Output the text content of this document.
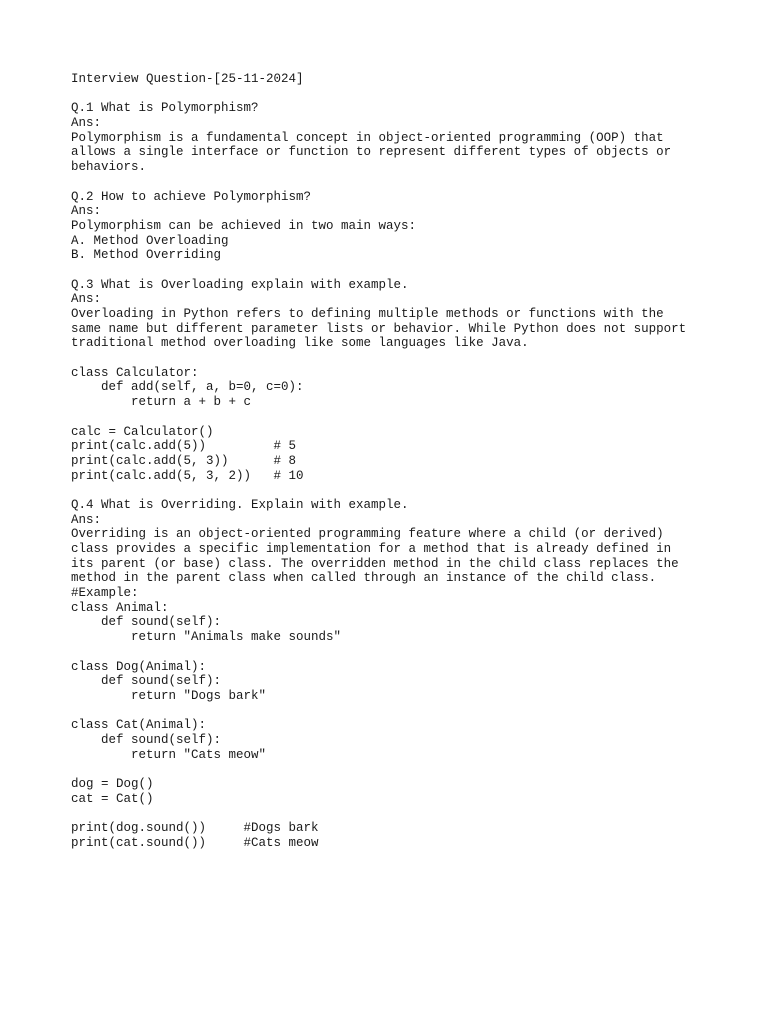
Interview Question-[25-11-2024]
Q.1 What is Polymorphism?
Ans:
Polymorphism is a fundamental concept in object-oriented programming (OOP) that
allows a single interface or function to represent different types of objects or
behaviors.
Q.2 How to achieve Polymorphism?
Ans:
Polymorphism can be achieved in two main ways:
A. Method Overloading
B. Method Overriding
Q.3 What is Overloading explain with example.
Ans:
Overloading in Python refers to defining multiple methods or functions with the
same name but different parameter lists or behavior. While Python does not support
traditional method overloading like some languages like Java.
class Calculator:
def add(self, a, b=0, c=0):
return a + b + c
calc = Calculator()
print(calc.add(5))         # 5
print(calc.add(5, 3))      # 8
print(calc.add(5, 3, 2))   # 10
Q.4 What is Overriding. Explain with example.
Ans:
Overriding is an object-oriented programming feature where a child (or derived)
class provides a specific implementation for a method that is already defined in
its parent (or base) class. The overridden method in the child class replaces the
method in the parent class when called through an instance of the child class.
#Example:
class Animal:
def sound(self):
return "Animals make sounds"
class Dog(Animal):
def sound(self):
return "Dogs bark"
class Cat(Animal):
def sound(self):
return "Cats meow"
dog = Dog()
cat = Cat()
print(dog.sound())     #Dogs bark
print(cat.sound())     #Cats meow
